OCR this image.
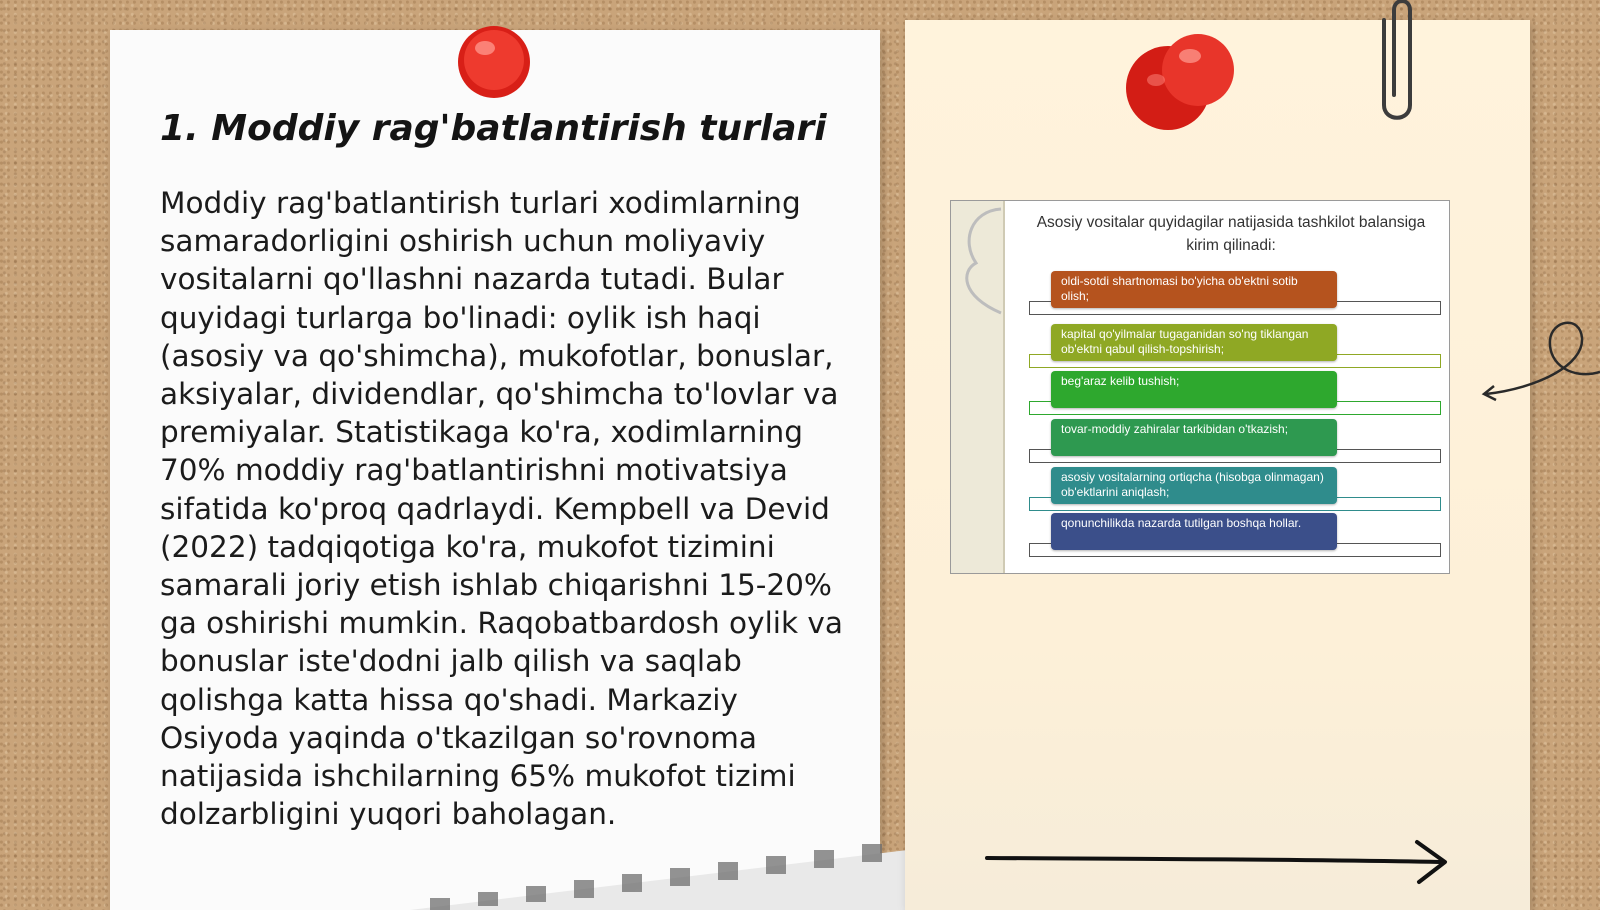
1. Moddiy rag'batlantirish turlari

Moddiy rag'batlantirish turlari xodimlarning samaradorligini oshirish uchun moliyaviy vositalarni qo'llashni nazarda tutadi. Bular quyidagi turlarga bo'linadi: oylik ish haqi (asosiy va qo'shimcha), mukofotlar, bonuslar, aksiyalar, dividendlar, qo'shimcha to'lovlar va premiyalar. Statistikaga ko'ra, xodimlarning 70% moddiy rag'batlantirishni motivatsiya sifatida ko'proq qadrlaydi. Kempbell va Devid (2022) tadqiqotiga ko'ra, mukofot tizimini samarali joriy etish ishlab chiqarishni 15-20% ga oshirishi mumkin. Raqobatbardosh oylik va bonuslar iste'dodni jalb qilish va saqlab qolishga katta hissa qo'shadi. Markaziy Osiyoda yaqinda o'tkazilgan so'rovnoma natijasida ishchilarning 65% mukofot tizimi dolzarbligini yuqori baholagan.

Asosiy vositalar quyidagilar natijasida tashkilot balansiga kirim qilinadi:

oldi-sotdi shartnomasi bo'yicha ob'ektni sotib olish;
kapital qo'yilmalar tugaganidan so'ng tiklangan ob'ektni qabul qilish-topshirish;
beg'araz kelib tushish;
tovar-moddiy zahiralar tarkibidan o'tkazish;
asosiy vositalarning ortiqcha (hisobga olinmagan) ob'ektlarini aniqlash;
qonunchilikda nazarda tutilgan boshqa hollar.
